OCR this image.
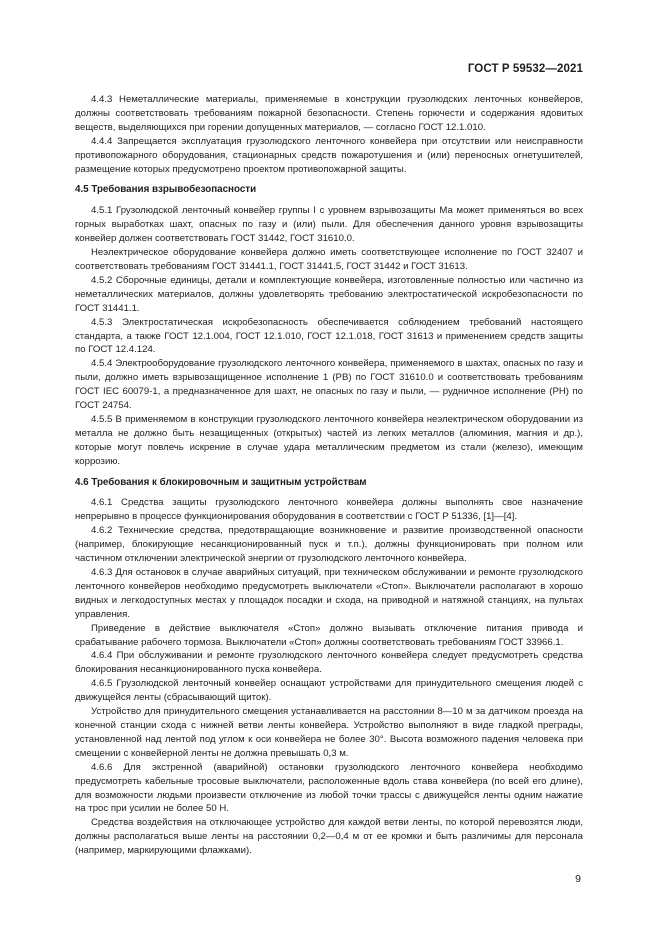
ГОСТ Р 59532—2021

4.4.3 Неметаллические материалы, применяемые в конструкции грузолюдских ленточных конвейеров, должны соответствовать требованиям пожарной безопасности. Степень горючести и содержания ядовитых веществ, выделяющихся при горении допущенных материалов, — согласно ГОСТ 12.1.010.

4.4.4 Запрещается эксплуатация грузолюдского ленточного конвейера при отсутствии или неисправности противопожарного оборудования, стационарных средств пожаротушения и (или) переносных огнетушителей, размещение которых предусмотрено проектом противопожарной защиты.

4.5 Требования взрывобезопасности

4.5.1 Грузолюдской ленточный конвейер группы I с уровнем взрывозащиты Ма может применяться во всех горных выработках шахт, опасных по газу и (или) пыли. Для обеспечения данного уровня взрывозащиты конвейер должен соответствовать ГОСТ 31442, ГОСТ 31610.0.

Неэлектрическое оборудование конвейера должно иметь соответствующее исполнение по ГОСТ 32407 и соответствовать требованиям ГОСТ 31441.1, ГОСТ 31441.5, ГОСТ 31442 и ГОСТ 31613.

4.5.2 Сборочные единицы, детали и комплектующие конвейера, изготовленные полностью или частично из неметаллических материалов, должны удовлетворять требованию электростатической искробезопасности по ГОСТ 31441.1.

4.5.3 Электростатическая искробезопасность обеспечивается соблюдением требований настоящего стандарта, а также ГОСТ 12.1.004, ГОСТ 12.1.010, ГОСТ 12.1.018, ГОСТ 31613 и применением средств защиты по ГОСТ 12.4.124.

4.5.4 Электрооборудование грузолюдского ленточного конвейера, применяемого в шахтах, опасных по газу и пыли, должно иметь взрывозащищенное исполнение 1 (РВ) по ГОСТ 31610.0 и соответствовать требованиям ГОСТ IEC 60079-1, а предназначенное для шахт, не опасных по газу и пыли, — рудничное исполнение (РН) по ГОСТ 24754.

4.5.5 В применяемом в конструкции грузолюдского ленточного конвейера неэлектрическом оборудовании из металла не должно быть незащищенных (открытых) частей из легких металлов (алюминия, магния и др.), которые могут повлечь искрение в случае удара металлическим предметом из стали (железо), имеющим коррозию.

4.6 Требования к блокировочным и защитным устройствам

4.6.1 Средства защиты грузолюдского ленточного конвейера должны выполнять свое назначение непрерывно в процессе функционирования оборудования в соответствии с ГОСТ Р 51336, [1]—[4].

4.6.2 Технические средства, предотвращающие возникновение и развитие производственной опасности (например, блокирующие несанкционированный пуск и т.п.), должны функционировать при полном или частичном отключении электрической энергии от грузолюдского ленточного конвейера.

4.6.3 Для остановок в случае аварийных ситуаций, при техническом обслуживании и ремонте грузолюдского ленточного конвейеров необходимо предусмотреть выключатели «Стоп». Выключатели располагают в хорошо видных и легкодоступных местах у площадок посадки и схода, на приводной и натяжной станциях, на пультах управления.

Приведение в действие выключателя «Стоп» должно вызывать отключение питания привода и срабатывание рабочего тормоза. Выключатели «Стоп» должны соответствовать требованиям ГОСТ 33966.1.

4.6.4 При обслуживании и ремонте грузолюдского ленточного конвейера следует предусмотреть средства блокирования несанкционированного пуска конвейера.

4.6.5 Грузолюдской ленточный конвейер оснащают устройствами для принудительного смещения людей с движущейся ленты (сбрасывающий щиток).

Устройство для принудительного смещения устанавливается на расстоянии 8—10 м за датчиком проезда на конечной станции схода с нижней ветви ленты конвейера. Устройство выполняют в виде гладкой преграды, установленной над лентой под углом к оси конвейера не более 30°. Высота возможного падения человека при смещении с конвейерной ленты не должна превышать 0,3 м.

4.6.6 Для экстренной (аварийной) остановки грузолюдского ленточного конвейера необходимо предусмотреть кабельные тросовые выключатели, расположенные вдоль става конвейера (по всей его длине), для возможности людьми произвести отключение из любой точки трассы с движущейся ленты одним нажатие на трос при усилии не более 50 Н.

Средства воздействия на отключающее устройство для каждой ветви ленты, по которой перевозятся люди, должны располагаться выше ленты на расстоянии 0,2—0,4 м от ее кромки и быть различимы для персонала (например, маркирующими флажками).

9
